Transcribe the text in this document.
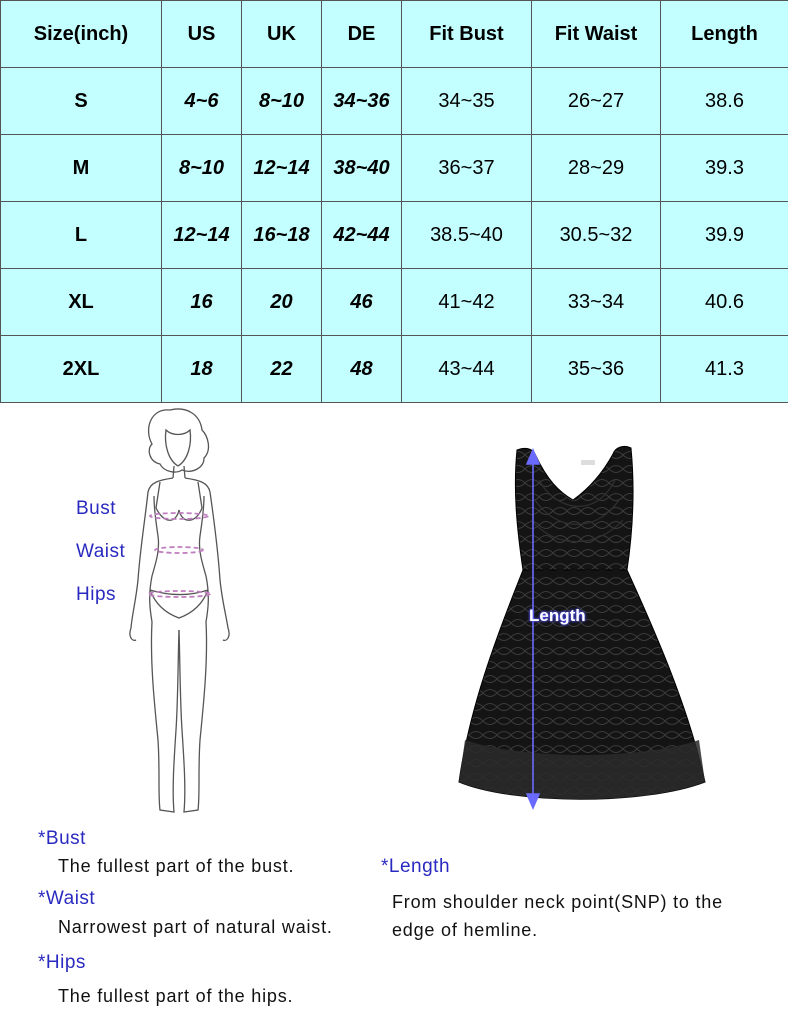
Size(inch)	US	UK	DE	Fit Bust	Fit Waist	Length
S	4~6	8~10	34~36	34~35	26~27	38.6
M	8~10	12~14	38~40	36~37	28~29	39.3
L	12~14	16~18	42~44	38.5~40	30.5~32	39.9
XL	16	20	46	41~42	33~34	40.6
2XL	18	22	48	43~44	35~36	41.3
Bust
Waist
Hips
Length
*Bust
The fullest part of the bust.
*Waist
Narrowest part of natural waist.
*Hips
The fullest part of the hips.
*Length
From shoulder neck point(SNP) to the
edge of hemline.
